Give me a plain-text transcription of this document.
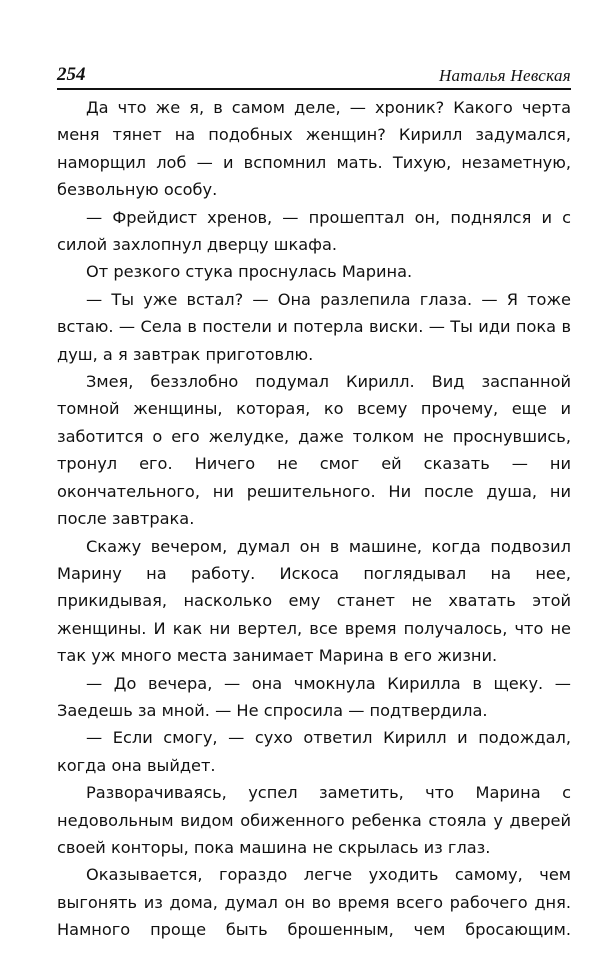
254	Наталья Невская

Да что же я, в самом деле, — хроник? Какого черта меня тянет на подобных женщин? Кирилл задумался, наморщил лоб — и вспомнил мать. Тихую, незаметную, безвольную особу.

— Фрейдист хренов, — прошептал он, поднялся и с силой захлопнул дверцу шкафа.

От резкого стука проснулась Марина.

— Ты уже встал? — Она разлепила глаза. — Я тоже встаю. — Села в постели и потерла виски. — Ты иди пока в душ, а я завтрак приготовлю.

Змея, беззлобно подумал Кирилл. Вид заспанной томной женщины, которая, ко всему прочему, еще и заботится о его желудке, даже толком не проснувшись, тронул его. Ничего не смог ей сказать — ни окончательного, ни решительного. Ни после душа, ни после завтрака.

Скажу вечером, думал он в машине, когда подвозил Марину на работу. Искоса поглядывал на нее, прикидывая, насколько ему станет не хватать этой женщины. И как ни вертел, все время получалось, что не так уж много места занимает Марина в его жизни.

— До вечера, — она чмокнула Кирилла в щеку. — Заедешь за мной. — Не спросила — подтвердила.

— Если смогу, — сухо ответил Кирилл и подождал, когда она выйдет.

Разворачиваясь, успел заметить, что Марина с недовольным видом обиженного ребенка стояла у дверей своей конторы, пока машина не скрылась из глаз.

Оказывается, гораздо легче уходить самому, чем выгонять из дома, думал он во время всего рабочего дня. Намного проще быть брошенным, чем бросающим.
